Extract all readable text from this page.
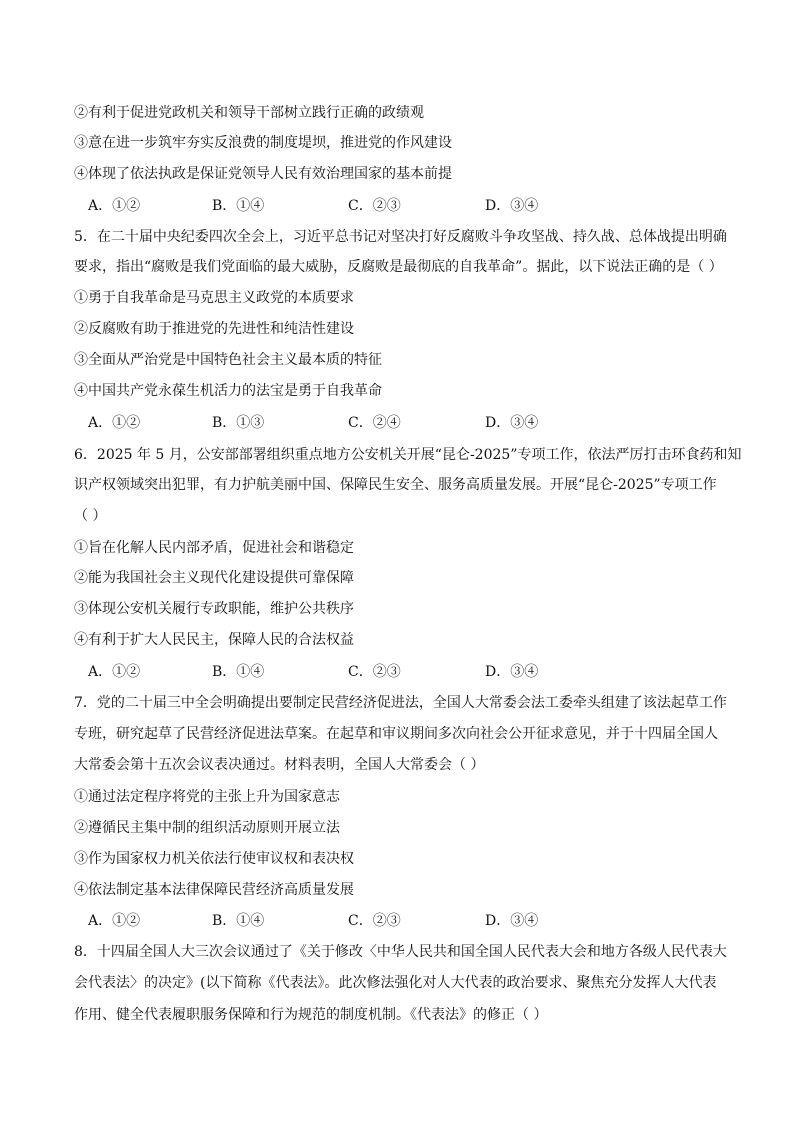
②有利于促进党政机关和领导干部树立践行正确的政绩观
③意在进一步筑牢夯实反浪费的制度堤坝，推进党的作风建设
④体现了依法执政是保证党领导人民有效治理国家的基本前提
A．①②	B．①④	C．②③	D．③④
5．在二十届中央纪委四次全会上，习近平总书记对坚决打好反腐败斗争攻坚战、持久战、总体战提出明确
要求，指出“腐败是我们党面临的最大威胁，反腐败是最彻底的自我革命”。据此，以下说法正确的是（ ）
①勇于自我革命是马克思主义政党的本质要求
②反腐败有助于推进党的先进性和纯洁性建设
③全面从严治党是中国特色社会主义最本质的特征
④中国共产党永葆生机活力的法宝是勇于自我革命
A．①②	B．①③	C．②④	D．③④
6．2025 年 5 月，公安部部署组织重点地方公安机关开展“昆仑-2025”专项工作，依法严厉打击环食药和知
识产权领域突出犯罪，有力护航美丽中国、保障民生安全、服务高质量发展。开展“昆仑-2025”专项工作
（ ）
①旨在化解人民内部矛盾，促进社会和谐稳定
②能为我国社会主义现代化建设提供可靠保障
③体现公安机关履行专政职能，维护公共秩序
④有利于扩大人民民主，保障人民的合法权益
A．①②	B．①④	C．②③	D．③④
7．党的二十届三中全会明确提出要制定民营经济促进法，全国人大常委会法工委牵头组建了该法起草工作
专班，研究起草了民营经济促进法草案。在起草和审议期间多次向社会公开征求意见，并于十四届全国人
大常委会第十五次会议表决通过。材料表明，全国人大常委会（ ）
①通过法定程序将党的主张上升为国家意志
②遵循民主集中制的组织活动原则开展立法
③作为国家权力机关依法行使审议权和表决权
④依法制定基本法律保障民营经济高质量发展
A．①②	B．①④	C．②③	D．③④
8．十四届全国人大三次会议通过了《关于修改〈中华人民共和国全国人民代表大会和地方各级人民代表大
会代表法〉的决定》(以下简称《代表法》。此次修法强化对人大代表的政治要求、聚焦充分发挥人大代表
作用、健全代表履职服务保障和行为规范的制度机制。《代表法》的修正（ ）
